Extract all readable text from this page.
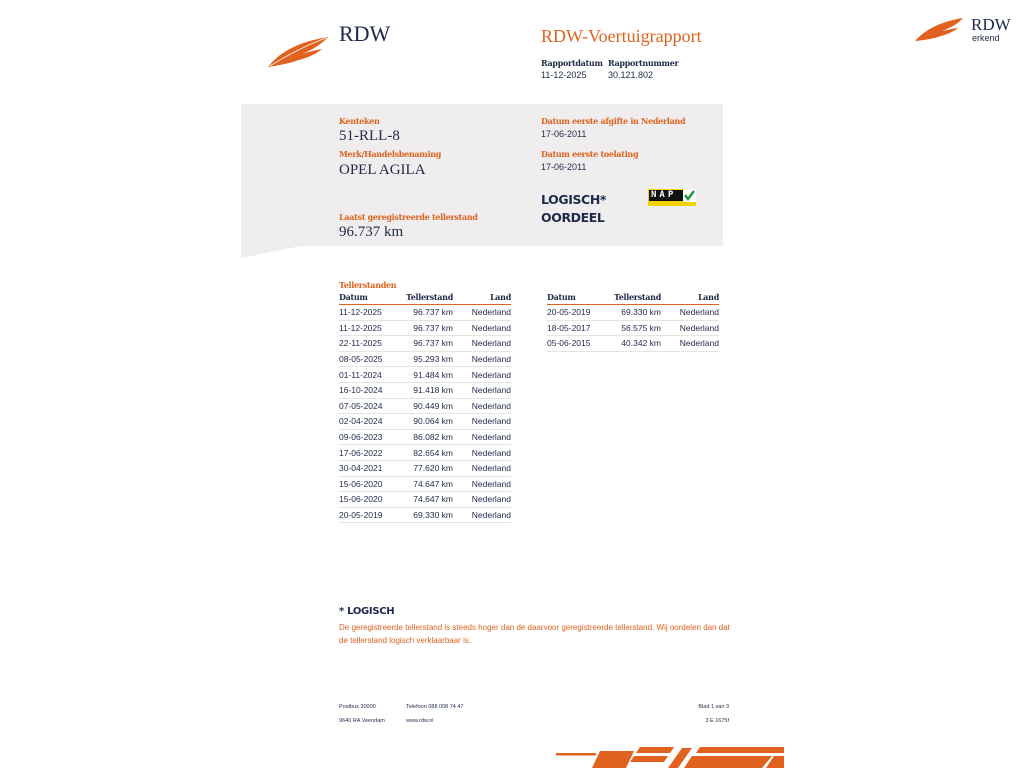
RDW	RDW-Voertuigrapport
Rapportdatum
11-12-2025
Rapportnummer
30.121.802
RDW
erkend
Kenteken
51-RLL-8
Merk/Handelsbenaming
OPEL AGILA
Laatst geregistreerde tellerstand
96.737 km
Datum eerste afgifte in Nederland
17-06-2011
Datum eerste toelating
17-06-2011
LOGISCH*
OORDEEL
NAP
Tellerstanden
Datum	Tellerstand	Land
11-12-2025	96.737 km	Nederland
11-12-2025	96.737 km	Nederland
22-11-2025	96.737 km	Nederland
08-05-2025	95.293 km	Nederland
01-11-2024	91.484 km	Nederland
16-10-2024	91.418 km	Nederland
07-05-2024	90.449 km	Nederland
02-04-2024	90.064 km	Nederland
09-06-2023	86.082 km	Nederland
17-06-2022	82.654 km	Nederland
30-04-2021	77.620 km	Nederland
15-06-2020	74.647 km	Nederland
15-06-2020	74.647 km	Nederland
20-05-2019	69.330 km	Nederland
Datum	Tellerstand	Land
20-05-2019	69.330 km	Nederland
18-05-2017	56.575 km	Nederland
05-06-2015	40.342 km	Nederland
* LOGISCH
De geregistreerde tellerstand is steeds hoger dan de daarvoor geregistreerde tellerstand. Wij oordelen dan dat de tellerstand logisch verklaarbaar is.
Postbus 30000
9640 RA Veendam
Telefoon 088 008 74 47
www.rdw.nl
Blad 1 van 3
3 E 1675f
